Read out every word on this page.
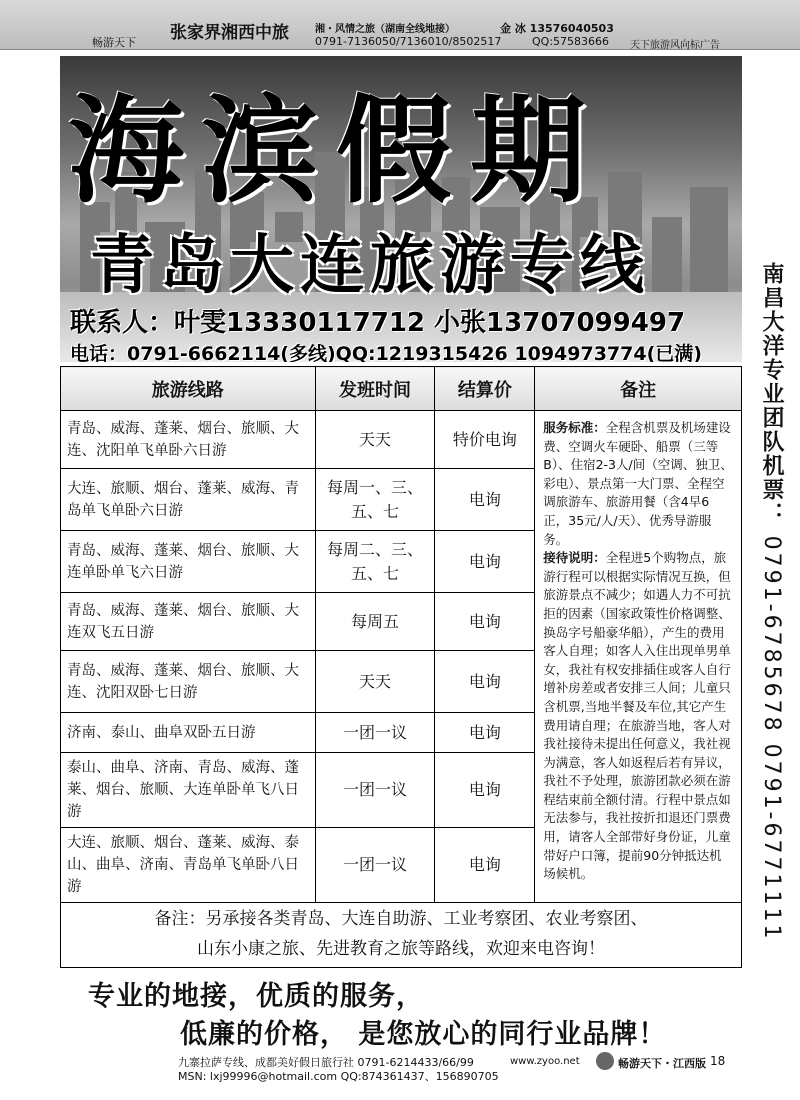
畅游天下 张家界湘西中旅	湘・风情之旅（湖南全线地接）	金 冰 13576040503
0791-7136050/7136010/8502517	QQ:57583666 天下旅游风向标广告
海滨假期
青岛大连旅游专线
联系人：叶雯13330117712 小张13707099497
电话：0791-6662114(多线)QQ:1219315426 1094973774(已满)	南昌大洋专业团队机票： 0791-6785678 0791-6771111
旅游线路	发班时间	结算价	备注
青岛、威海、蓬莱、烟台、旅顺、大连、沈阳单飞单卧六日游	天天	特价电询	服务标准：全程含机票及机场建设费、空调火车硬卧、船票（三等B）、住宿2-3人/间（空调、独卫、彩电）、景点第一大门票、全程空调旅游车、旅游用餐（含4早6正，35元/人/天）、优秀导游服务。
接待说明：全程进5个购物点，旅游行程可以根据实际情况互换，但旅游景点不减少；如遇人力不可抗拒的因素（国家政策性价格调整、换岛字号船豪华船），产生的费用客人自理；如客人入住出现单男单女，我社有权安排插住或客人自行增补房差或者安排三人间；儿童只含机票,当地半餐及车位,其它产生费用请自理；在旅游当地，客人对我社接待未提出任何意义，我社视为满意，客人如返程后若有异议，我社不予处理，旅游团款必须在游程结束前全额付清。行程中景点如无法参与，我社按折扣退还门票费用，请客人全部带好身份证，儿童带好户口簿，提前90分钟抵达机场候机。
大连、旅顺、烟台、蓬莱、威海、青岛单飞单卧六日游	每周一、三、五、七	电询	
青岛、威海、蓬莱、烟台、旅顺、大连单卧单飞六日游	每周二、三、五、七	电询	
青岛、威海、蓬莱、烟台、旅顺、大连双飞五日游	每周五	电询	
青岛、威海、蓬莱、烟台、旅顺、大连、沈阳双卧七日游	天天	电询	
济南、泰山、曲阜双卧五日游	一团一议	电询	
泰山、曲阜、济南、青岛、威海、蓬莱、烟台、旅顺、大连单卧单飞八日游	一团一议	电询	
大连、旅顺、烟台、蓬莱、威海、泰山、曲阜、济南、青岛单飞单卧八日游	一团一议	电询	
备注：另承接各类青岛、大连自助游、工业考察团、农业考察团、
山东小康之旅、先进教育之旅等路线，欢迎来电咨询！
专业的地接，优质的服务，
低廉的价格， 是您放心的同行业品牌！
九寨拉萨专线、成都美好假日旅行社 0791-6214433/66/99
MSN: lxj99996@hotmail.com QQ:874361437、156890705
www.zyoo.net	畅游天下・江西版 18
